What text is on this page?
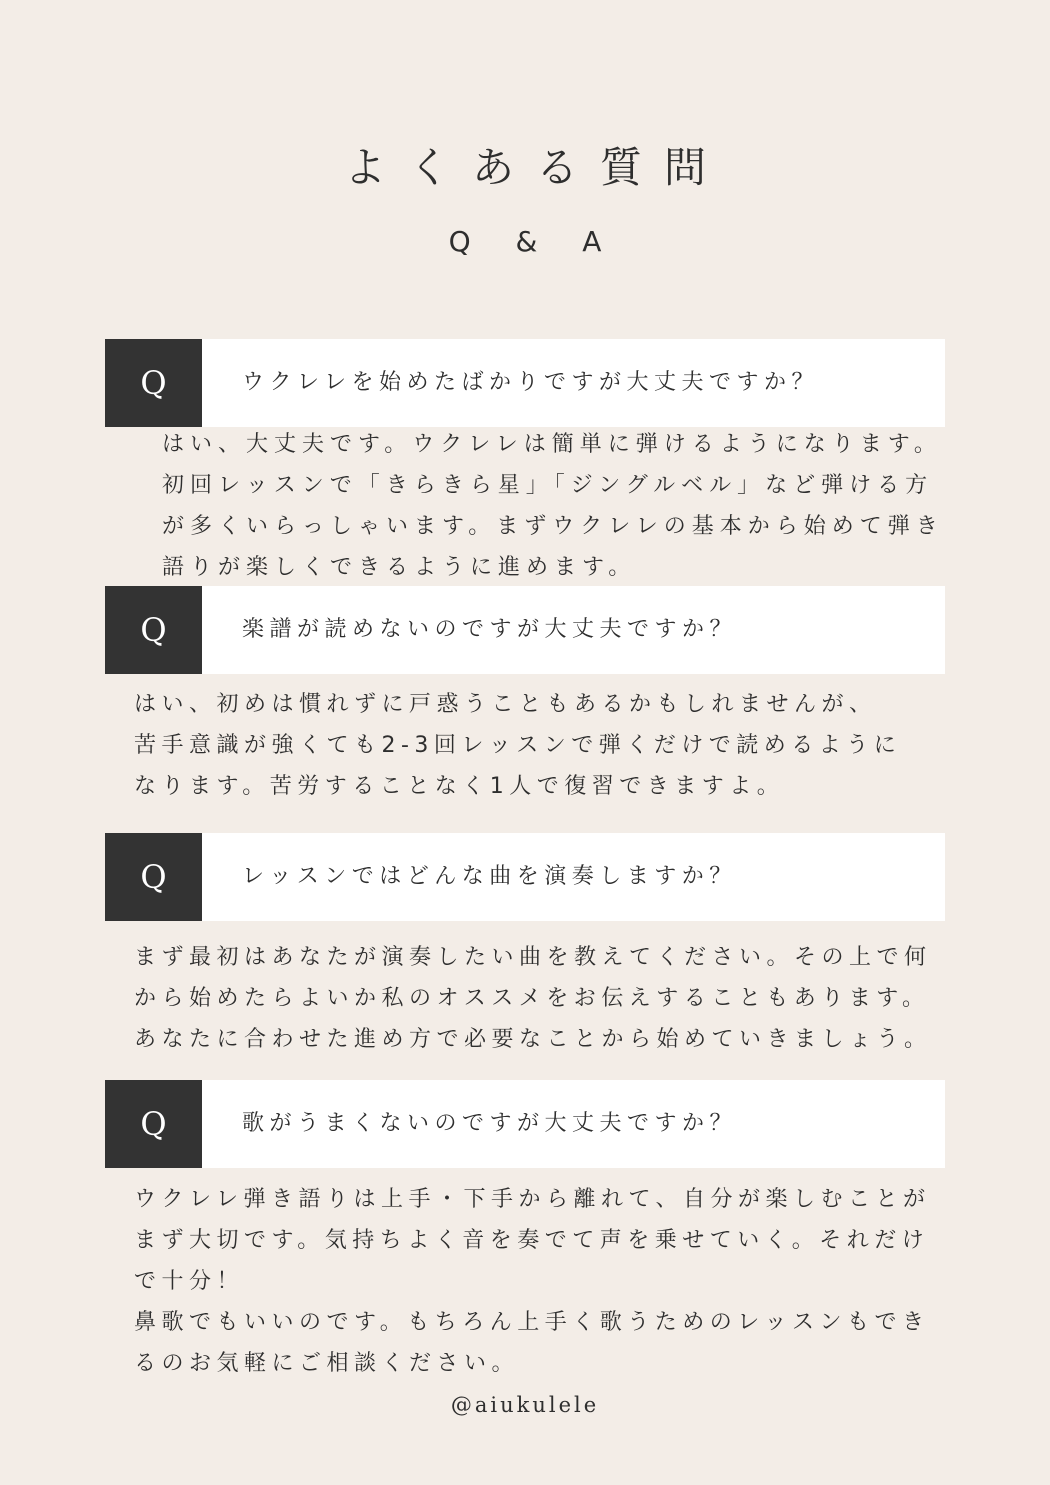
よくある質問
Q & A
Q	ウクレレを始めたばかりですが大丈夫ですか？
はい、大丈夫です。ウクレレは簡単に弾けるようになります。
初回レッスンで「きらきら星」「ジングルベル」など弾ける方
が多くいらっしゃいます。まずウクレレの基本から始めて弾き
語りが楽しくできるように進めます。
Q	楽譜が読めないのですが大丈夫ですか？
はい、初めは慣れずに戸惑うこともあるかもしれませんが、
苦手意識が強くても2-3回レッスンで弾くだけで読めるように
なります。苦労することなく1人で復習できますよ。
Q	レッスンではどんな曲を演奏しますか？
まず最初はあなたが演奏したい曲を教えてください。その上で何
から始めたらよいか私のオススメをお伝えすることもあります。
あなたに合わせた進め方で必要なことから始めていきましょう。
Q	歌がうまくないのですが大丈夫ですか？
ウクレレ弾き語りは上手・下手から離れて、自分が楽しむことが
まず大切です。気持ちよく音を奏でて声を乗せていく。それだけ
で十分！
鼻歌でもいいのです。もちろん上手く歌うためのレッスンもでき
るのお気軽にご相談ください。
@aiukulele
